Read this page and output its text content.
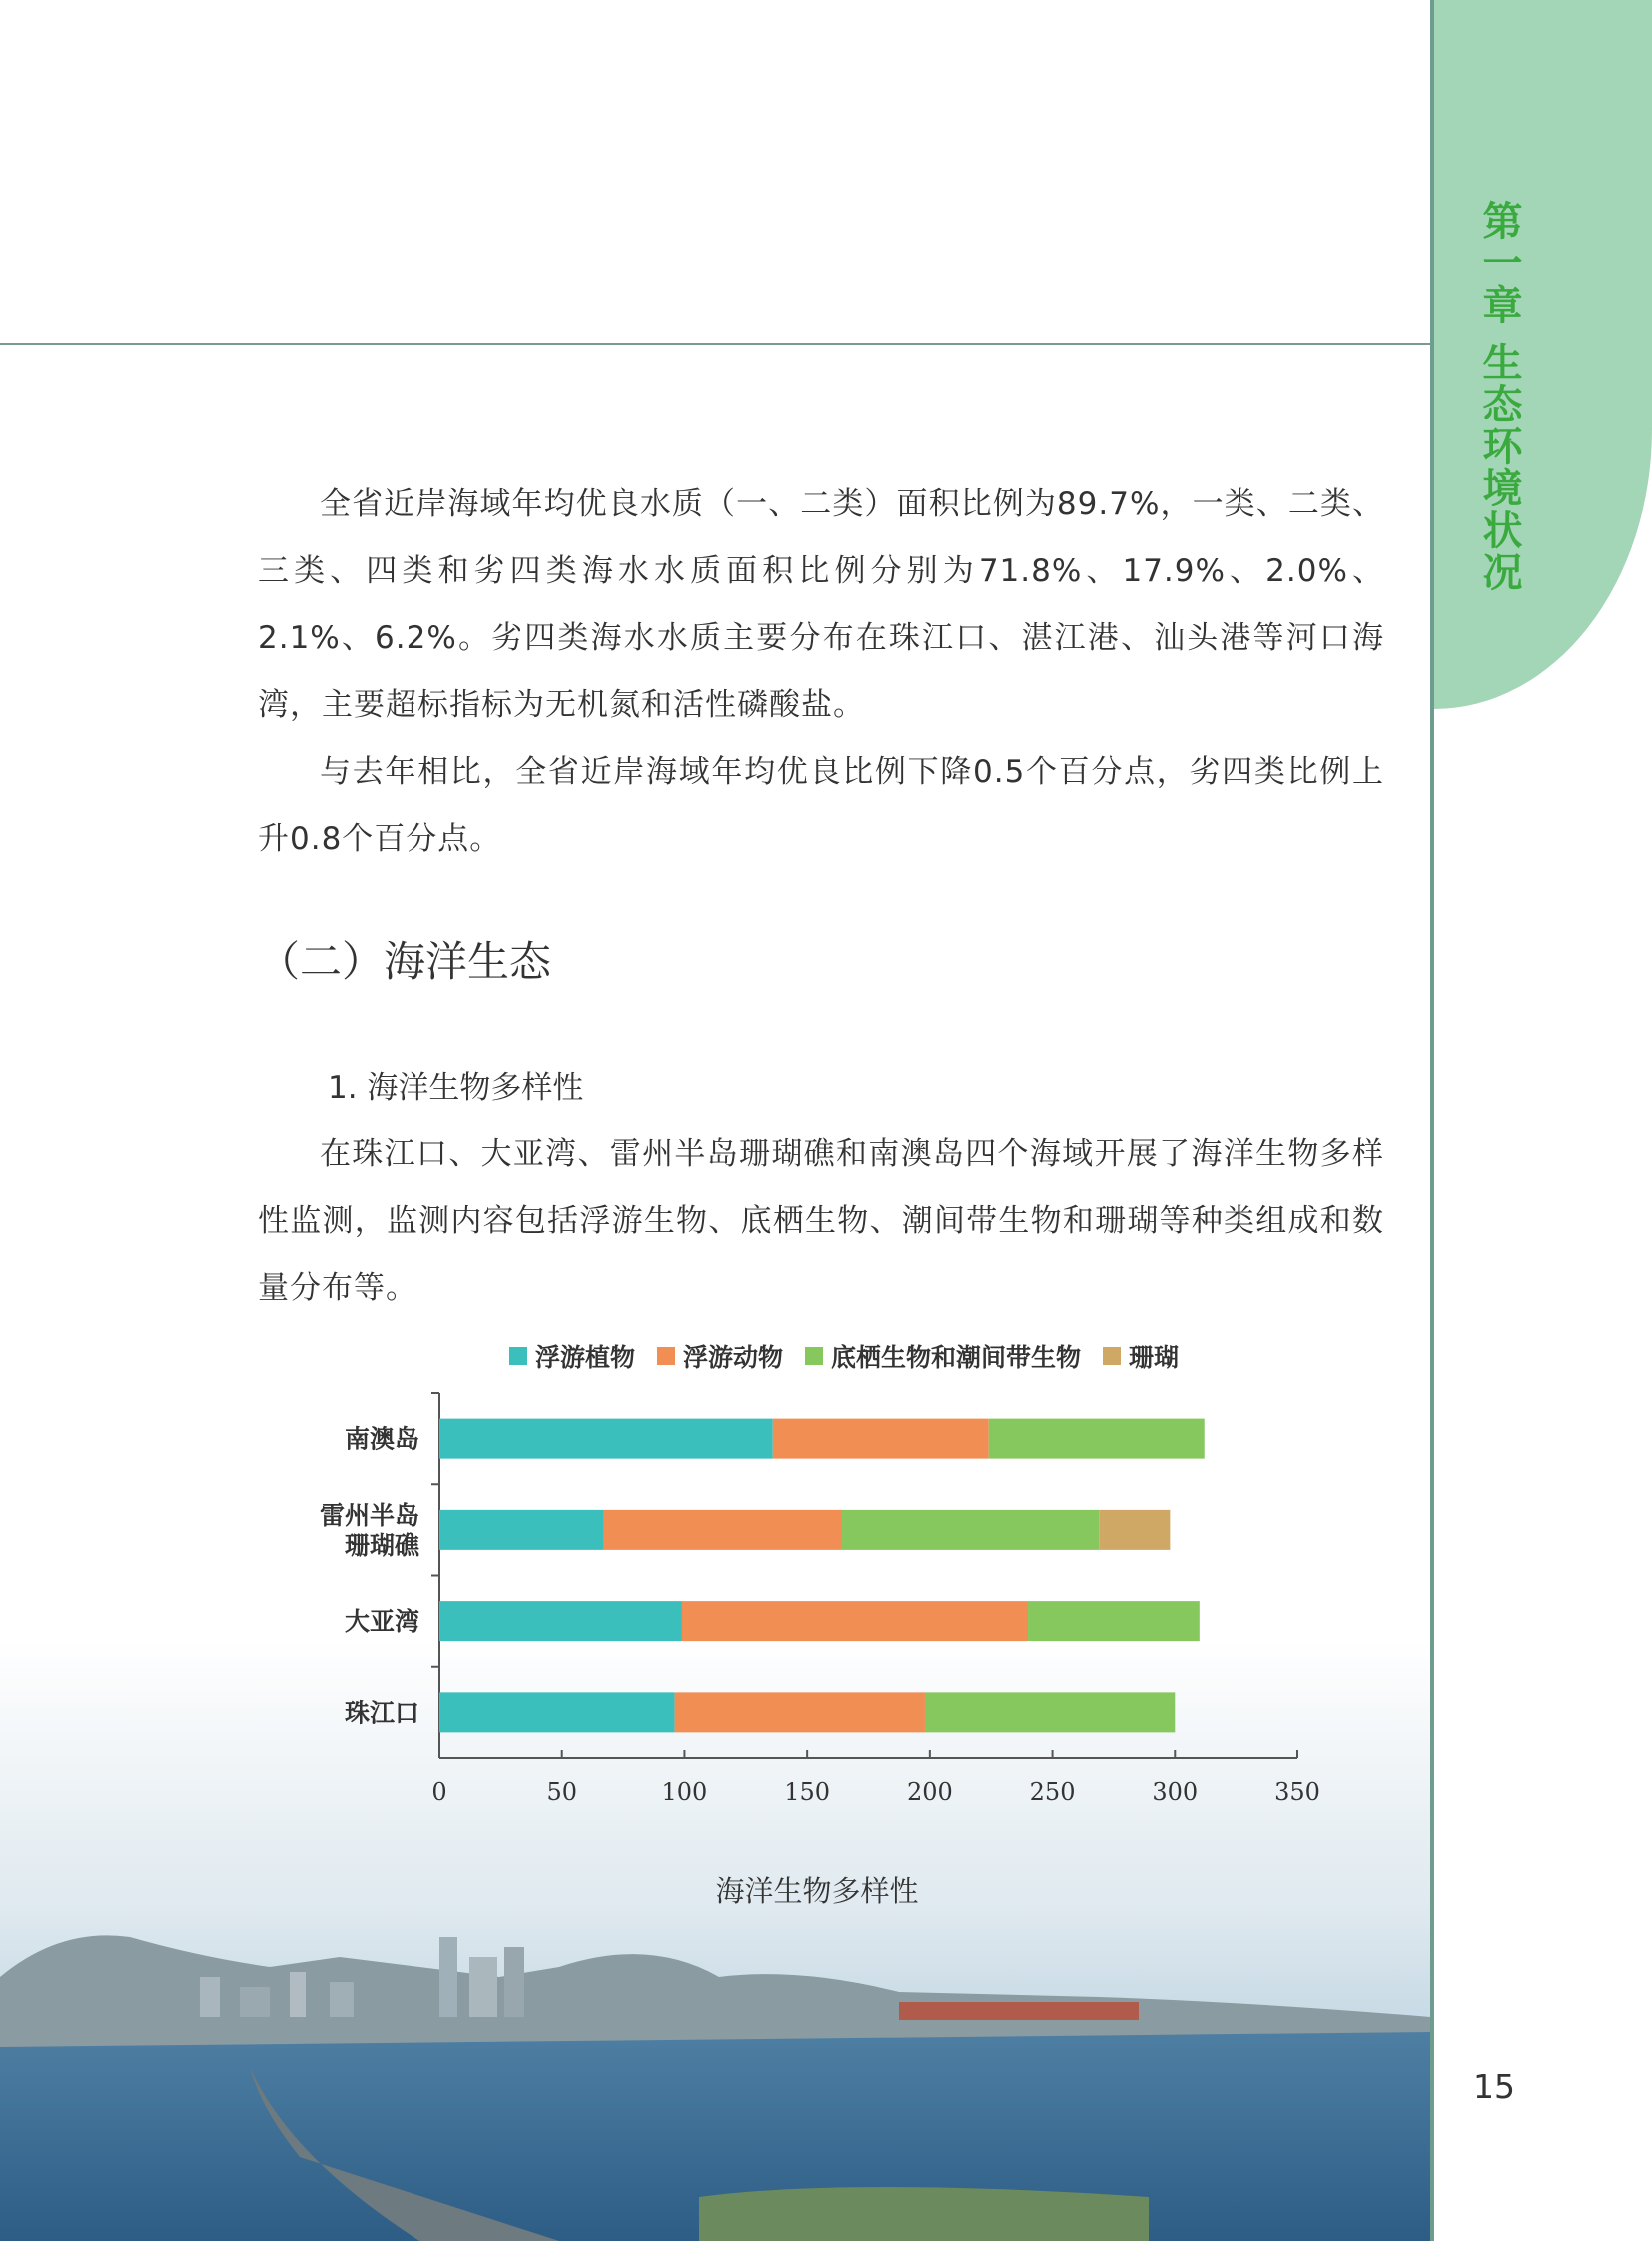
第一章 生态环境状况

全省近岸海域年均优良水质（一、二类）面积比例为89.7%，一类、二类、三类、四类和劣四类海水水质面积比例分别为71.8%、17.9%、2.0%、2.1%、6.2%。劣四类海水水质主要分布在珠江口、湛江港、汕头港等河口海湾，主要超标指标为无机氮和活性磷酸盐。

与去年相比，全省近岸海域年均优良比例下降0.5个百分点，劣四类比例上升0.8个百分点。

（二）海洋生态
1. 海洋生物多样性

在珠江口、大亚湾、雷州半岛珊瑚礁和南澳岛四个海域开展了海洋生物多样性监测，监测内容包括浮游生物、底栖生物、潮间带生物和珊瑚等种类组成和数量分布等。

浮游植物 浮游动物 底栖生物和潮间带生物 珊瑚
南澳岛
雷州半岛
珊瑚礁
大亚湾
珠江口
0	50	100	150	200	250	300	350
海洋生物多样性
15
